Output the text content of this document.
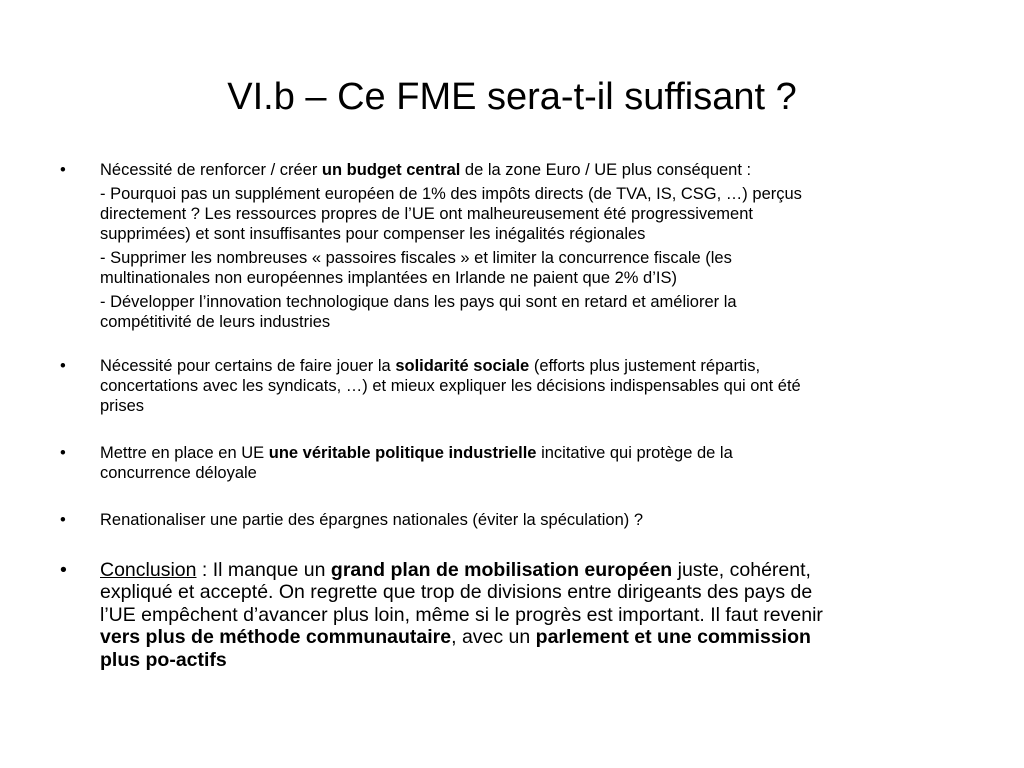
VI.b – Ce FME sera-t-il suffisant ?
• Nécessité de renforcer / créer un budget central de la zone Euro / UE plus conséquent :
- Pourquoi pas un supplément européen de 1% des impôts directs (de TVA, IS, CSG, …) perçus
directement ? Les ressources propres de l’UE ont malheureusement été progressivement
supprimées) et sont insuffisantes pour compenser les inégalités régionales
- Supprimer les nombreuses « passoires fiscales » et limiter la concurrence fiscale (les
multinationales non européennes implantées en Irlande ne paient que 2% d’IS)
- Développer l’innovation technologique dans les pays qui sont en retard et améliorer la
compétitivité de leurs industries
• Nécessité pour certains de faire jouer la solidarité sociale (efforts plus justement répartis,
concertations avec les syndicats, …) et mieux expliquer les décisions indispensables qui ont été
prises
• Mettre en place en UE une véritable politique industrielle incitative qui protège de la
concurrence déloyale
• Renationaliser une partie des épargnes nationales (éviter la spéculation) ?
• Conclusion : Il manque un grand plan de mobilisation européen juste, cohérent,
expliqué et accepté. On regrette que trop de divisions entre dirigeants des pays de
l’UE empêchent d’avancer plus loin, même si le progrès est important. Il faut revenir
vers plus de méthode communautaire, avec un parlement et une commission
plus po-actifs
